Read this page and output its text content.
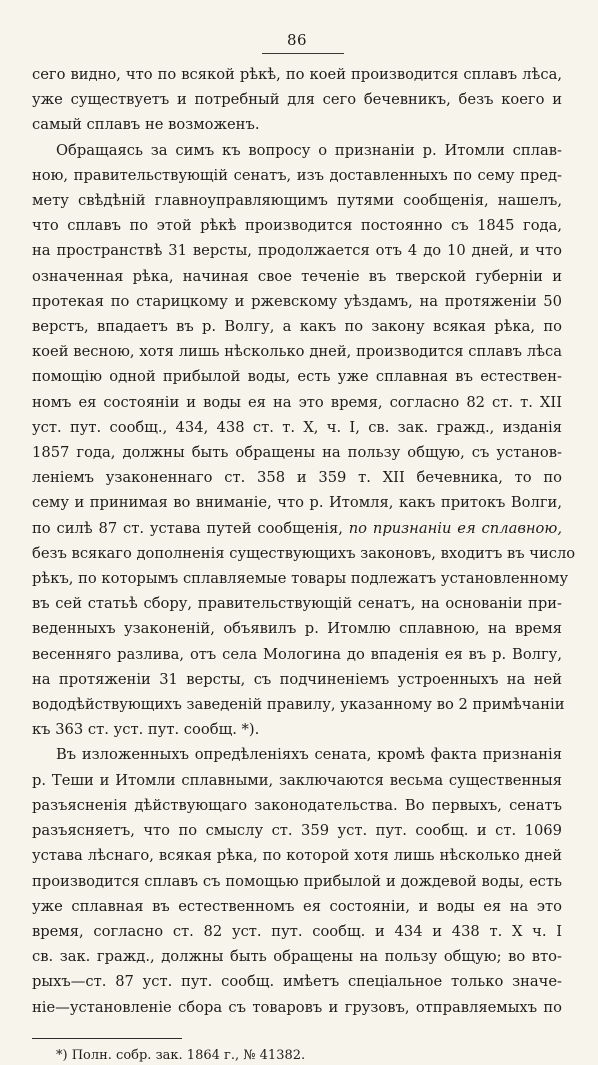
86
сего видно, что по всякой рѣкѣ, по коей производится сплавъ лѣса,
уже существуетъ и потребный для сего бечевникъ, безъ коего и
самый сплавъ не возможенъ.
Обращаясь за симъ къ вопросу о признаніи р. Итомли сплав-
ною, правительствующій сенатъ, изъ доставленныхъ по сему пред-
мету свѣдѣній главноуправляющимъ путями сообщенія, нашелъ,
что сплавъ по этой рѣкѣ производится постоянно съ 1845 года,
на пространствѣ 31 версты, продолжается отъ 4 до 10 дней, и что
означенная рѣка, начиная свое теченіе въ тверской губерніи и
протекая по старицкому и ржевскому уѣздамъ, на протяженіи 50
верстъ, впадаетъ въ р. Волгу, а какъ по закону всякая рѣка, по
коей весною, хотя лишь нѣсколько дней, производится сплавъ лѣса
помощію одной прибылой воды, есть уже сплавная въ естествен-
номъ ея состояніи и воды ея на это время, согласно 82 ст. т. XII
уст. пут. сообщ., 434, 438 ст. т. X, ч. I, св. зак. гражд., изданія
1857 года, должны быть обращены на пользу общую, съ установ-
леніемъ узаконеннаго ст. 358 и 359 т. XII бечевника, то по
сему и принимая во вниманіе, что р. Итомля, какъ притокъ Волги,
по силѣ 87 ст. устава путей сообщенія, по признаніи ея сплавною,
безъ всякаго дополненія существующихъ законовъ, входитъ въ число
рѣкъ, по которымъ сплавляемые товары подлежатъ установленному
въ сей статьѣ сбору, правительствующій сенатъ, на основаніи при-
веденныхъ узаконеній, объявилъ р. Итомлю сплавною, на время
весенняго разлива, отъ села Мологина до впаденія ея въ р. Волгу,
на протяженіи 31 версты, съ подчиненіемъ устроенныхъ на ней
вододѣйствующихъ заведеній правилу, указанному во 2 примѣчаніи
къ 363 ст. уст. пут. сообщ. *).
Въ изложенныхъ опредѣленіяхъ сената, кромѣ факта признанія
р. Теши и Итомли сплавными, заключаются весьма существенныя
разъясненія дѣйствующаго законодательства. Во первыхъ, сенатъ
разъясняетъ, что по смыслу ст. 359 уст. пут. сообщ. и ст. 1069
устава лѣснаго, всякая рѣка, по которой хотя лишь нѣсколько дней
производится сплавъ съ помощью прибылой и дождевой воды, есть
уже сплавная въ естественномъ ея состояніи, и воды ея на это
время, согласно ст. 82 уст. пут. сообщ. и 434 и 438 т. X ч. I
св. зак. гражд., должны быть обращены на пользу общую; во вто-
рыхъ—ст. 87 уст. пут. сообщ. имѣетъ спеціальное только значе-
ніе—установленіе сбора съ товаровъ и грузовъ, отправляемыхъ по
*) Полн. собр. зак. 1864 г., № 41382.
